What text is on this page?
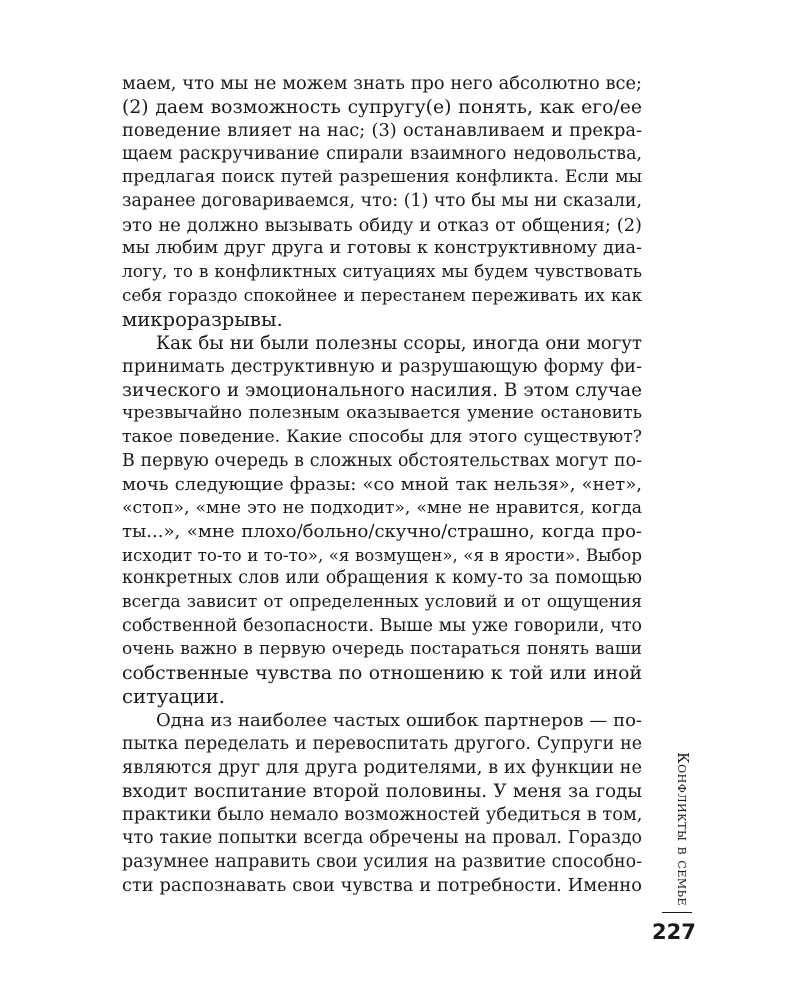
маем, что мы не можем знать про него абсолютно все;
(2) даем возможность супругу(е) понять, как его/ее
поведение влияет на нас; (3) останавливаем и прекра-
щаем раскручивание спирали взаимного недовольства,
предлагая поиск путей разрешения конфликта. Если мы
заранее договариваемся, что: (1) что бы мы ни сказали,
это не должно вызывать обиду и отказ от общения; (2)
мы любим друг друга и готовы к конструктивному диа-
логу, то в конфликтных ситуациях мы будем чувствовать
себя гораздо спокойнее и перестанем переживать их как
микроразрывы.
Как бы ни были полезны ссоры, иногда они могут
принимать деструктивную и разрушающую форму фи-
зического и эмоционального насилия. В этом случае
чрезвычайно полезным оказывается умение остановить
такое поведение. Какие способы для этого существуют?
В первую очередь в сложных обстоятельствах могут по-
мочь следующие фразы: «со мной так нельзя», «нет»,
«стоп», «мне это не подходит», «мне не нравится, когда
ты...», «мне плохо/больно/скучно/страшно, когда про-
исходит то-то и то-то», «я возмущен», «я в ярости». Выбор
конкретных слов или обращения к кому-то за помощью
всегда зависит от определенных условий и от ощущения
собственной безопасности. Выше мы уже говорили, что
очень важно в первую очередь постараться понять ваши
собственные чувства по отношению к той или иной
ситуации.
Одна из наиболее частых ошибок партнеров — по-
пытка переделать и перевоспитать другого. Супруги не
являются друг для друга родителями, в их функции не
входит воспитание второй половины. У меня за годы
практики было немало возможностей убедиться в том,
что такие попытки всегда обречены на провал. Гораздо
разумнее направить свои усилия на развитие способно-
сти распознавать свои чувства и потребности. Именно	Конфликты в семье
227
